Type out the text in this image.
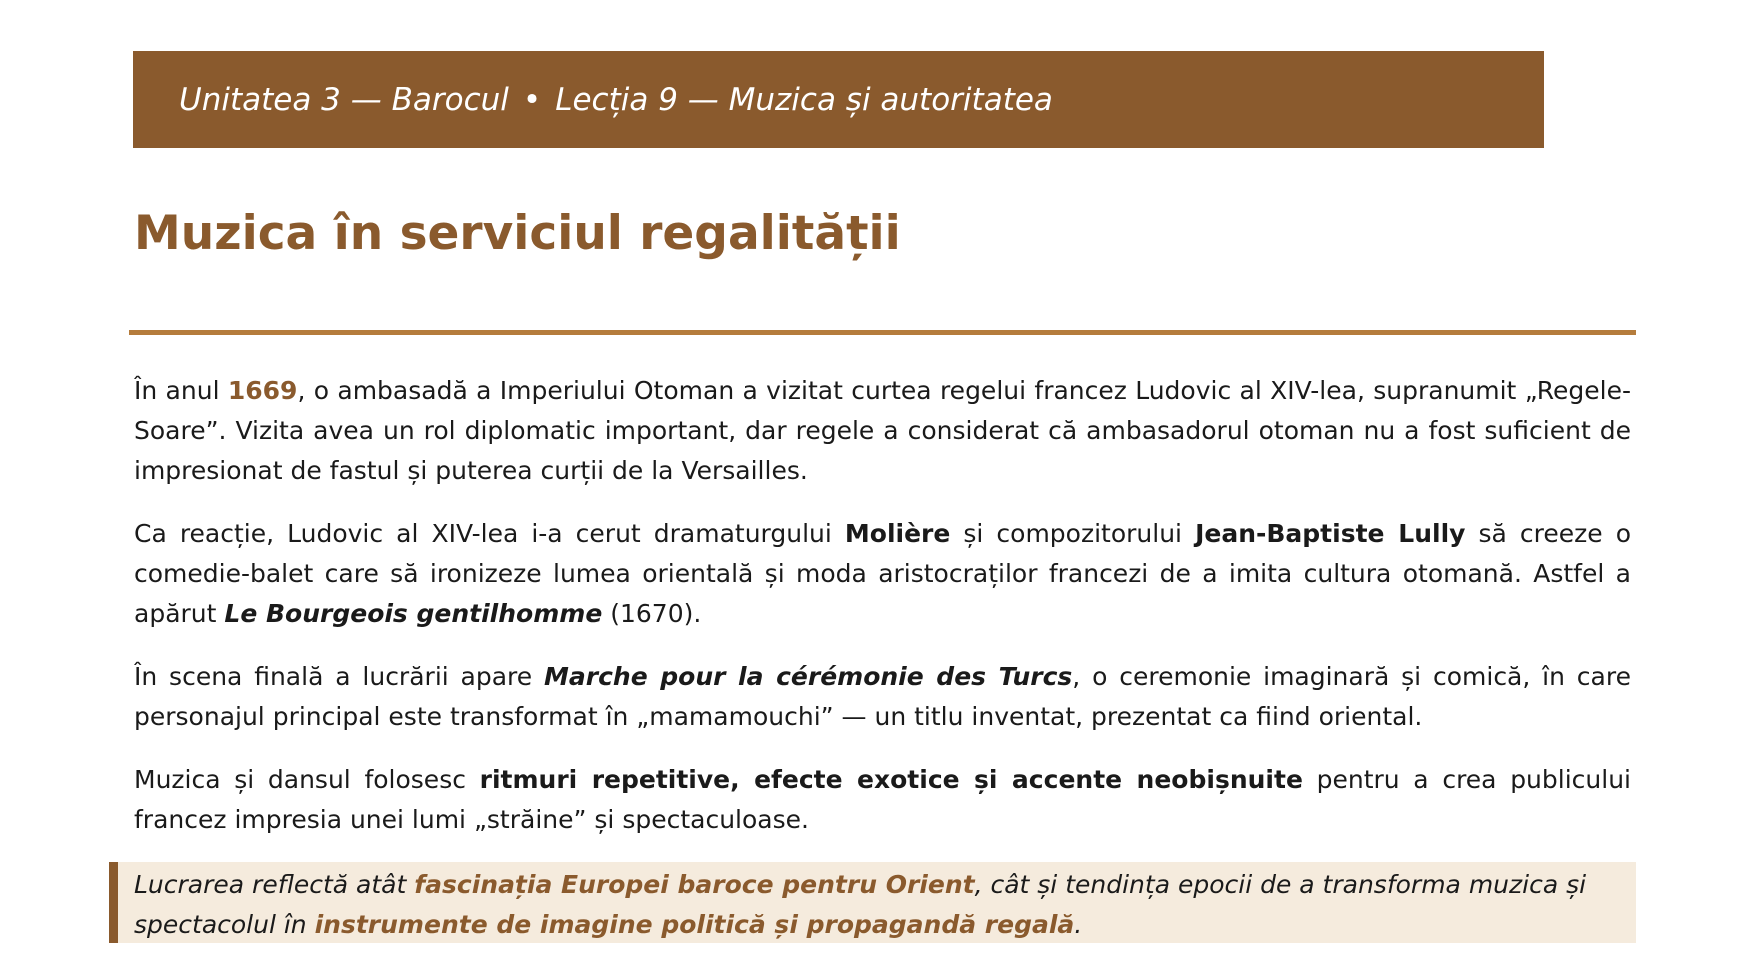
Unitatea 3 — Barocul • Lecția 9 — Muzica și autoritatea
Muzica în serviciul regalității

În anul 1669, o ambasadă a Imperiului Otoman a vizitat curtea regelui francez Ludovic al XIV-lea, supranumit „Regele-Soare”. Vizita avea un rol diplomatic important, dar regele a considerat că ambasadorul otoman nu a fost suficient de impresionat de fastul și puterea curții de la Versailles.

Ca reacție, Ludovic al XIV-lea i-a cerut dramaturgului Molière și compozitorului Jean-Baptiste Lully să creeze o comedie-balet care să ironizeze lumea orientală și moda aristocraților francezi de a imita cultura otomană. Astfel a apărut Le Bourgeois gentilhomme (1670).

În scena finală a lucrării apare Marche pour la cérémonie des Turcs, o ceremonie imaginară și comică, în care personajul principal este transformat în „mamamouchi” — un titlu inventat, prezentat ca fiind oriental.

Muzica și dansul folosesc ritmuri repetitive, efecte exotice și accente neobișnuite pentru a crea publicului francez impresia unei lumi „străine” și spectaculoase.

Lucrarea reflectă atât fascinația Europei baroce pentru Orient, cât și tendința epocii de a transforma muzica și spectacolul în instrumente de imagine politică și propagandă regală.
